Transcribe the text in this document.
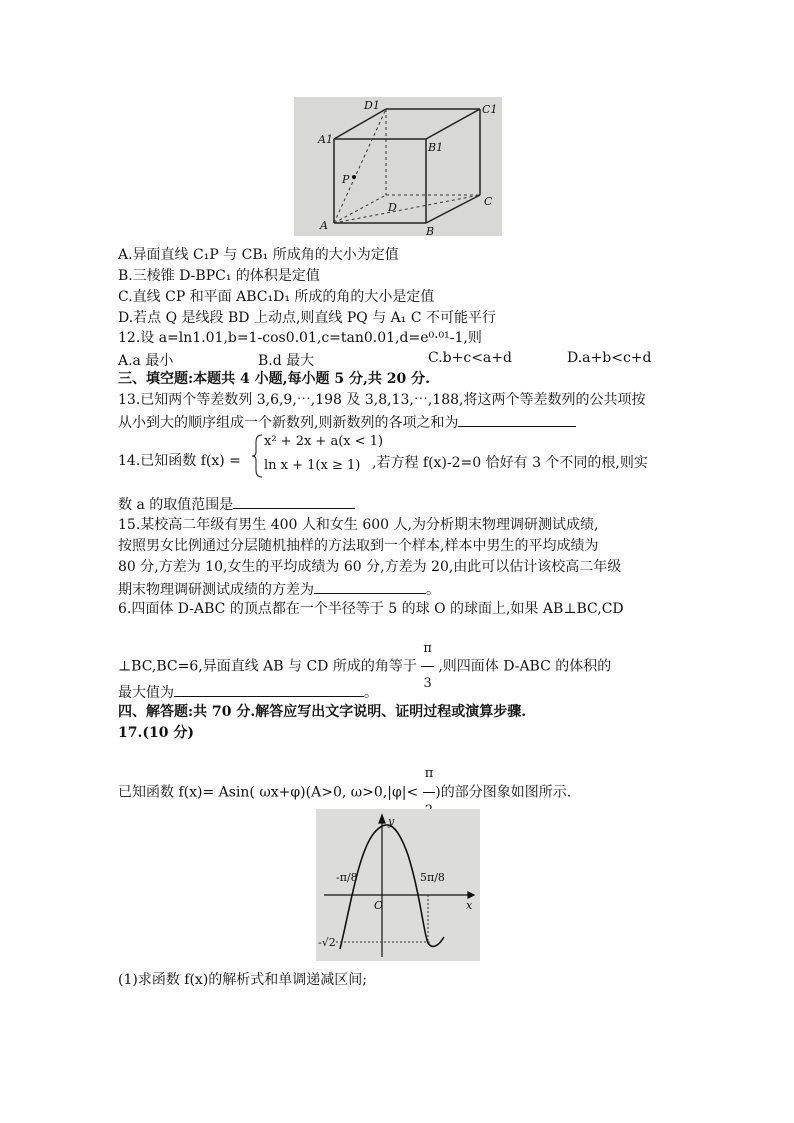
D1	C1
A1
B1
P
D	C
A	B
A.异面直线 C₁P 与 CB₁ 所成角的大小为定值
B.三棱锥 D-BPC₁ 的体积是定值
C.直线 CP 和平面 ABC₁D₁ 所成的角的大小是定值
D.若点 Q 是线段 BD 上动点,则直线 PQ 与 A₁ C 不可能平行
12.设 a=ln1.01,b=1-cos0.01,c=tan0.01,d=e⁰·⁰¹-1,则
A.a 最小	B.d 最大	C.b+c<a+d	D.a+b<c+d
三、填空题:本题共 4 小题,每小题 5 分,共 20 分.
13.已知两个等差数列 3,6,9,⋯,198 及 3,8,13,⋯,188,将这两个等差数列的公共项按
从小到大的顺序组成一个新数列,则新数列的各项之和为
14.已知函数 f(x) =
x² + 2x + a(x < 1)
ln x + 1(x ≥ 1) ,若方程 f(x)-2=0 恰好有 3 个不同的根,则实
数 a 的取值范围是
15.某校高二年级有男生 400 人和女生 600 人,为分析期末物理调研测试成绩,
按照男女比例通过分层随机抽样的方法取到一个样本,样本中男生的平均成绩为
80 分,方差为 10,女生的平均成绩为 60 分,方差为 20,由此可以估计该校高二年级
期末物理调研测试成绩的方差为	。
6.四面体 D-ABC 的顶点都在一个半径等于 5 的球 O 的球面上,如果 AB⊥BC,CD
⊥BC,BC=6,异面直线 AB 与 CD 所成的角等于 $\frac{\pi}{3}$ ,则四面体 D-ABC 的体积的
最大值为	。
四、解答题:共 70 分.解答应写出文字说明、证明过程或演算步骤.
17.(10 分)
已知函数 f(x)= Asin( ωx+φ)(A>0, ω>0,|φ|<
π
)的部分图象如图所示.
y
x
O
-π/8	5π/8
-√2
(1)求函数 f(x)的解析式和单调递减区间;
